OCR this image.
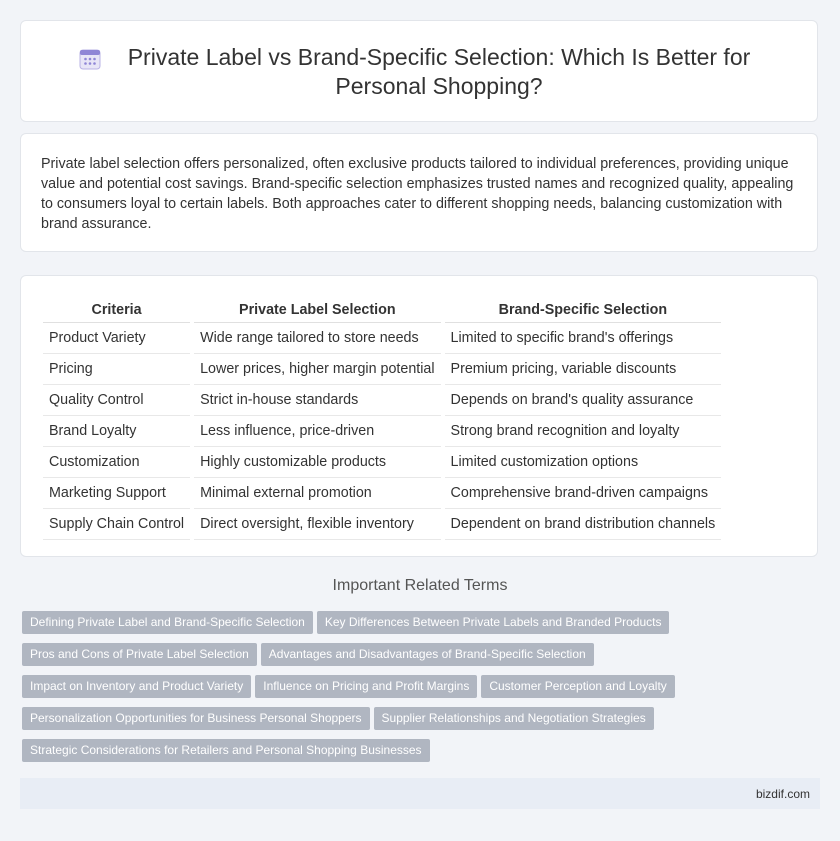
Private Label vs Brand-Specific Selection: Which Is Better for Personal Shopping?

Private label selection offers personalized, often exclusive products tailored to individual preferences, providing unique value and potential cost savings. Brand-specific selection emphasizes trusted names and recognized quality, appealing to consumers loyal to certain labels. Both approaches cater to different shopping needs, balancing customization with brand assurance.

Criteria		Private Label Selection		Brand-Specific Selection
Product Variety		Wide range tailored to store needs		Limited to specific brand's offerings
Pricing		Lower prices, higher margin potential		Premium pricing, variable discounts
Quality Control		Strict in-house standards		Depends on brand's quality assurance
Brand Loyalty		Less influence, price-driven		Strong brand recognition and loyalty
Customization		Highly customizable products		Limited customization options
Marketing Support		Minimal external promotion		Comprehensive brand-driven campaigns
Supply Chain Control		Direct oversight, flexible inventory		Dependent on brand distribution channels
Important Related Terms
Defining Private Label and Brand-Specific Selection Key Differences Between Private Labels and Branded ProductsPros and Cons of Private Label Selection Advantages and Disadvantages of Brand-Specific SelectionImpact on Inventory and Product Variety Influence on Pricing and Profit Margins Customer Perception and LoyaltyPersonalization Opportunities for Business Personal Shoppers Supplier Relationships and Negotiation StrategiesStrategic Considerations for Retailers and Personal Shopping Businesses
bizdif.com
